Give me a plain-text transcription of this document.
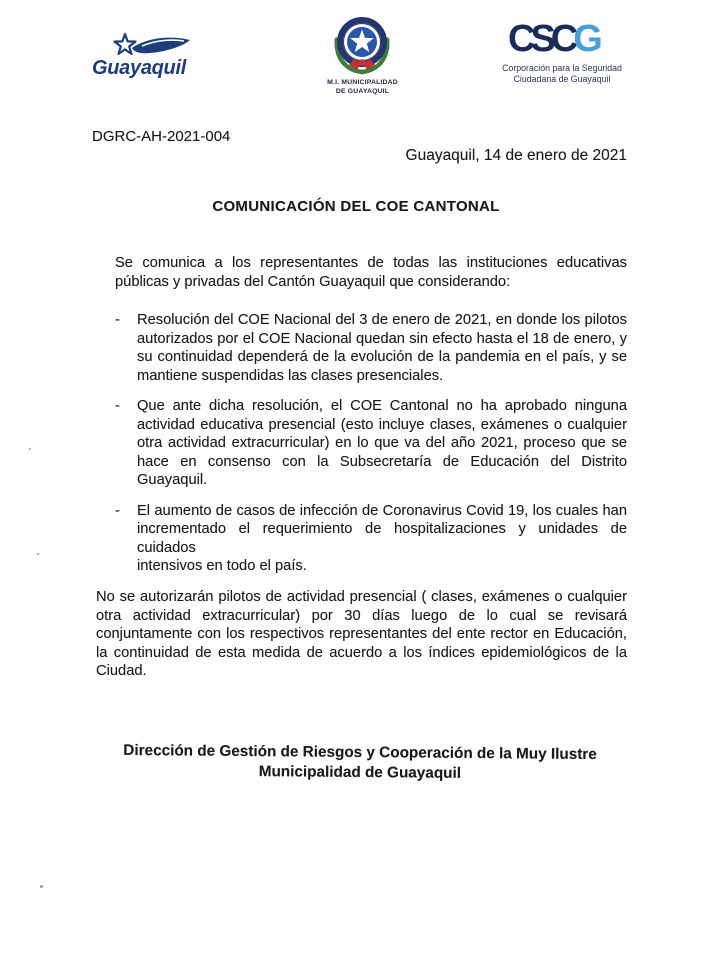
Guayaquil
M.I. MUNICIPALIDAD
DE GUAYAQUIL
CSCG
Corporación para la Seguridad
Ciudadana de Guayaquil
DGRC-AH-2021-004
Guayaquil, 14 de enero de 2021
COMUNICACIÓN DEL COE CANTONAL
Se comunica a los representantes de todas las instituciones educativas
públicas y privadas del Cantón Guayaquil que considerando:
-	Resolución del COE Nacional del 3 de enero de 2021, en donde los pilotos
autorizados por el COE Nacional quedan sin efecto hasta el 18 de enero, y
su continuidad dependerá de la evolución de la pandemia en el país, y se
mantiene suspendidas las clases presenciales.
-	Que ante dicha resolución, el COE Cantonal no ha aprobado ninguna
actividad educativa presencial (esto incluye clases, exámenes o cualquier
otra actividad extracurricular) en lo que va del año 2021, proceso que se
hace en consenso con la Subsecretaría de Educación del Distrito
Guayaquil.
-	El aumento de casos de infección de Coronavirus Covid 19, los cuales han
incrementado el requerimiento de hospitalizaciones y unidades de cuidados
intensivos en todo el país.
No se autorizarán pilotos de actividad presencial ( clases, exámenes o cualquier
otra actividad extracurricular) por 30 días luego de lo cual se revisará
conjuntamente con los respectivos representantes del ente rector en Educación,
la continuidad de esta medida de acuerdo a los índices epidemiológicos de la
Ciudad.
Dirección de Gestión de Riesgos y Cooperación de la Muy Ilustre
Municipalidad de Guayaquil
